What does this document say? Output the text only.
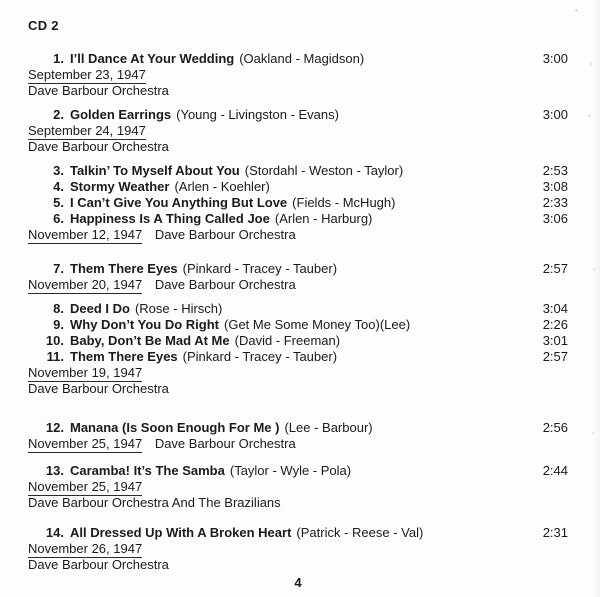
CD 2
1. I’ll Dance At Your Wedding (Oakland - Magidson)	3:00
September 23, 1947
Dave Barbour Orchestra
2. Golden Earrings (Young - Livingston - Evans)	3:00
September 24, 1947
Dave Barbour Orchestra
3. Talkin’ To Myself About You (Stordahl - Weston - Taylor)	2:53
4. Stormy Weather (Arlen - Koehler)	3:08
5. I Can’t Give You Anything But Love (Fields - McHugh)	2:33
6. Happiness Is A Thing Called Joe (Arlen - Harburg)	3:06
November 12, 1947 Dave Barbour Orchestra
7. Them There Eyes (Pinkard - Tracey - Tauber)	2:57
November 20, 1947 Dave Barbour Orchestra
8. Deed I Do (Rose - Hirsch)	3:04
9. Why Don’t You Do Right (Get Me Some Money Too)(Lee)	2:26
10. Baby, Don’t Be Mad At Me (David - Freeman)	3:01
11. Them There Eyes (Pinkard - Tracey - Tauber)	2:57
November 19, 1947
Dave Barbour Orchestra
12. Manana (Is Soon Enough For Me ) (Lee - Barbour)	2:56
November 25, 1947 Dave Barbour Orchestra
13. Caramba! It’s The Samba (Taylor - Wyle - Pola)	2:44
November 25, 1947
Dave Barbour Orchestra And The Brazilians
14. All Dressed Up With A Broken Heart (Patrick - Reese - Val)	2:31
November 26, 1947
Dave Barbour Orchestra
4
